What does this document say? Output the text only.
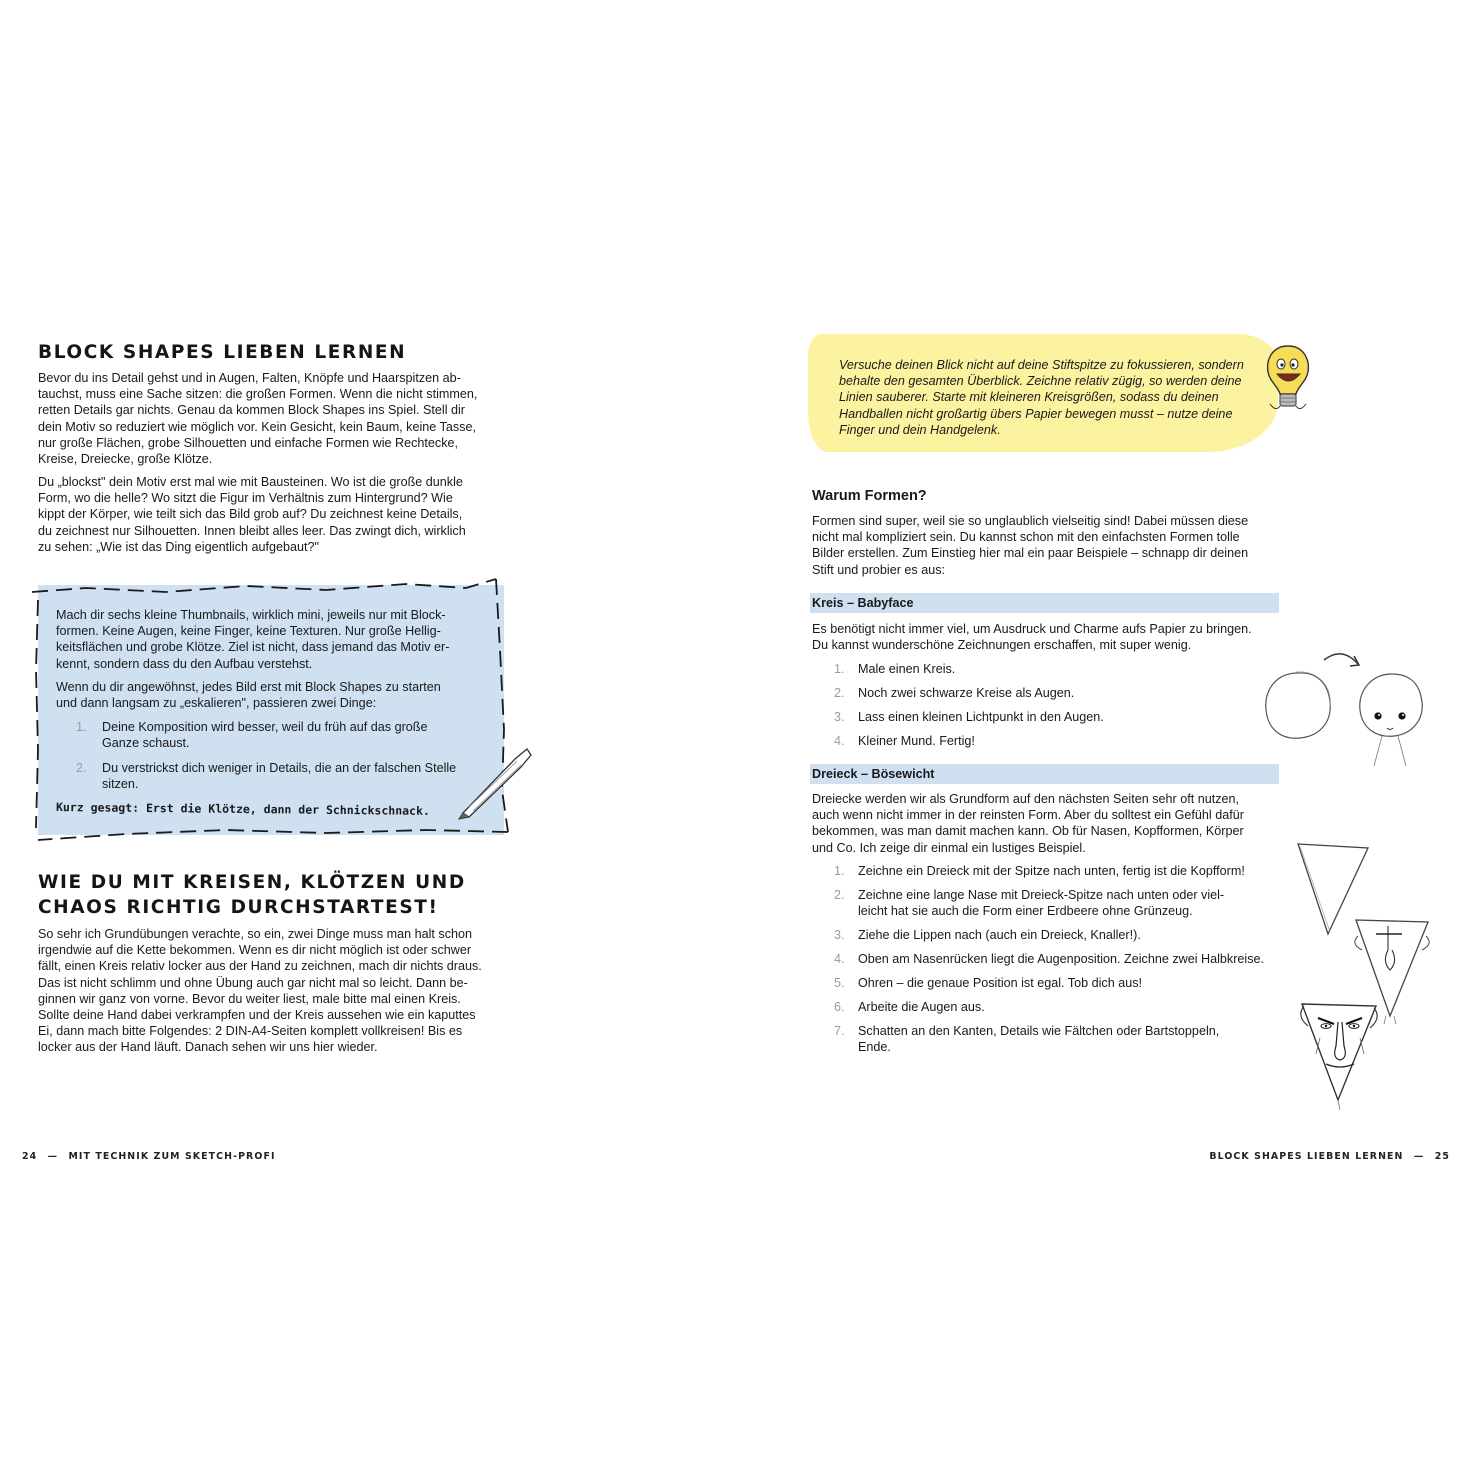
BLOCK SHAPES LIEBEN LERNEN

Bevor du ins Detail gehst und in Augen, Falten, Knöpfe und Haarspitzen ab-

tauchst, muss eine Sache sitzen: die großen Formen. Wenn die nicht stimmen,

retten Details gar nichts. Genau da kommen Block Shapes ins Spiel. Stell dir

dein Motiv so reduziert wie möglich vor. Kein Gesicht, kein Baum, keine Tasse,

nur große Flächen, grobe Silhouetten und einfache Formen wie Rechtecke,

Kreise, Dreiecke, große Klötze.

Du „blockst" dein Motiv erst mal wie mit Bausteinen. Wo ist die große dunkle

Form, wo die helle? Wo sitzt die Figur im Verhältnis zum Hintergrund? Wie

kippt der Körper, wie teilt sich das Bild grob auf? Du zeichnest keine Details,

du zeichnest nur Silhouetten. Innen bleibt alles leer. Das zwingt dich, wirklich

zu sehen: „Wie ist das Ding eigentlich aufgebaut?"

Mach dir sechs kleine Thumbnails, wirklich mini, jeweils nur mit Block-

formen. Keine Augen, keine Finger, keine Texturen. Nur große Hellig-

keitsflächen und grobe Klötze. Ziel ist nicht, dass jemand das Motiv er-

kennt, sondern dass du den Aufbau verstehst.

Wenn du dir angewöhnst, jedes Bild erst mit Block Shapes zu starten

und dann langsam zu „eskalieren", passieren zwei Dinge:

1.	Deine Komposition wird besser, weil du früh auf das große

Ganze schaust.

2.	Du verstrickst dich weniger in Details, die an der falschen Stelle

sitzen.

Kurz gesagt: Erst die Klötze, dann der Schnickschnack.

WIE DU MIT KREISEN, KLÖTZEN UND
CHAOS RICHTIG DURCHSTARTEST!

So sehr ich Grundübungen verachte, so ein, zwei Dinge muss man halt schon

irgendwie auf die Kette bekommen. Wenn es dir nicht möglich ist oder schwer

fällt, einen Kreis relativ locker aus der Hand zu zeichnen, mach dir nichts draus.

Das ist nicht schlimm und ohne Übung auch gar nicht mal so leicht. Dann be-

ginnen wir ganz von vorne. Bevor du weiter liest, male bitte mal einen Kreis.

Sollte deine Hand dabei verkrampfen und der Kreis aussehen wie ein kaputtes

Ei, dann mach bitte Folgendes: 2 DIN-A4-Seiten komplett vollkreisen! Bis es

locker aus der Hand läuft. Danach sehen wir uns hier wieder.

24 — MIT TECHNIK ZUM SKETCH-PROFI

Versuche deinen Blick nicht auf deine Stiftspitze zu fokussieren, sondern

behalte den gesamten Überblick. Zeichne relativ zügig, so werden deine

Linien sauberer. Starte mit kleineren Kreisgrößen, sodass du deinen

Handballen nicht großartig übers Papier bewegen musst – nutze deine

Finger und dein Handgelenk.

Warum Formen?

Formen sind super, weil sie so unglaublich vielseitig sind! Dabei müssen diese

nicht mal kompliziert sein. Du kannst schon mit den einfachsten Formen tolle

Bilder erstellen. Zum Einstieg hier mal ein paar Beispiele – schnapp dir deinen

Stift und probier es aus:

Kreis – Babyface

Es benötigt nicht immer viel, um Ausdruck und Charme aufs Papier zu bringen.

Du kannst wunderschöne Zeichnungen erschaffen, mit super wenig.

1.	Male einen Kreis.
2.	Noch zwei schwarze Kreise als Augen.
3.	Lass einen kleinen Lichtpunkt in den Augen.
4.	Kleiner Mund. Fertig!
Dreieck – Bösewicht

Dreiecke werden wir als Grundform auf den nächsten Seiten sehr oft nutzen,

auch wenn nicht immer in der reinsten Form. Aber du solltest ein Gefühl dafür

bekommen, was man damit machen kann. Ob für Nasen, Kopfformen, Körper

und Co. Ich zeige dir einmal ein lustiges Beispiel.

1.	Zeichne ein Dreieck mit der Spitze nach unten, fertig ist die Kopfform!
2.	Zeichne eine lange Nase mit Dreieck-Spitze nach unten oder viel-
leicht hat sie auch die Form einer Erdbeere ohne Grünzeug.
3.	Ziehe die Lippen nach (auch ein Dreieck, Knaller!).
4.	Oben am Nasenrücken liegt die Augenposition. Zeichne zwei Halbkreise.
5.	Ohren – die genaue Position ist egal. Tob dich aus!
6.	Arbeite die Augen aus.
7.	Schatten an den Kanten, Details wie Fältchen oder Bartstoppeln,
Ende.
BLOCK SHAPES LIEBEN LERNEN — 25
